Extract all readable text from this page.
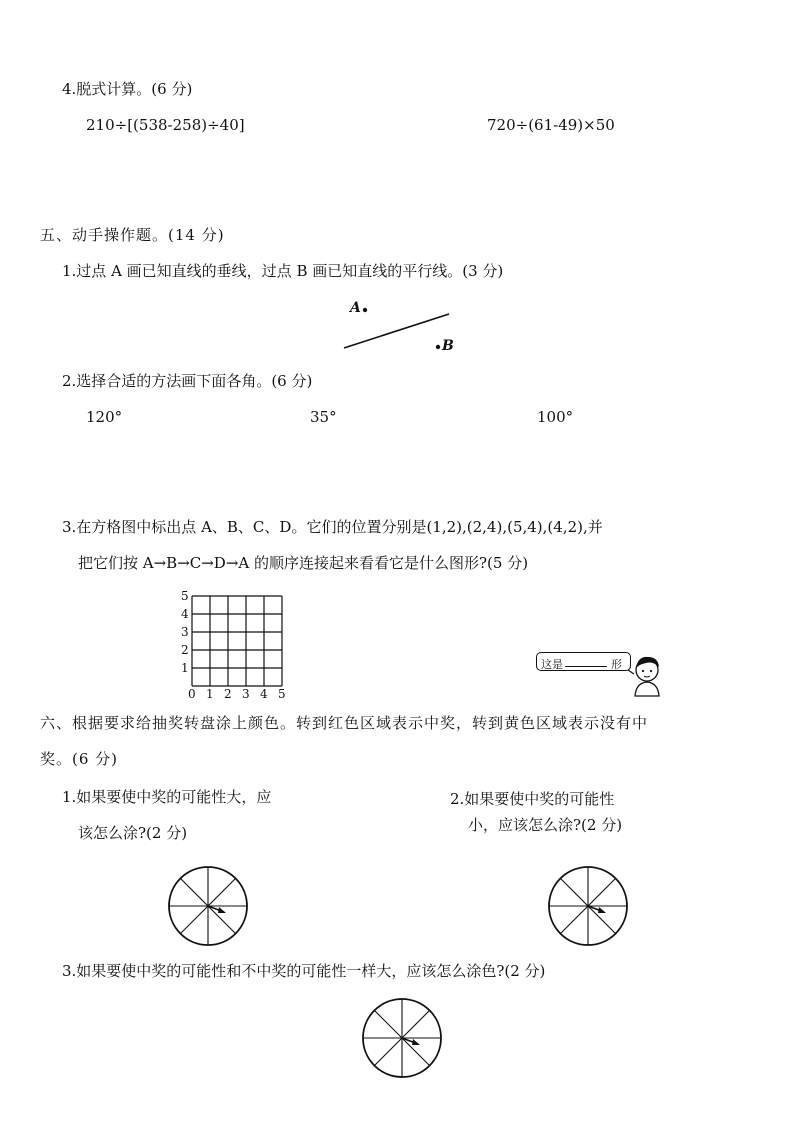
4.脱式计算。(6 分)
210÷[(538-258)÷40]	720÷(61-49)×50
五、动手操作题。(14 分)
1.过点 A 画已知直线的垂线，过点 B 画已知直线的平行线。(3 分)
A
B
2.选择合适的方法画下面各角。(6 分)
120°	35°	100°
3.在方格图中标出点 A、B、C、D。它们的位置分别是(1,2),(2,4),(5,4),(4,2),并
把它们按 A→B→C→D→A 的顺序连接起来看看它是什么图形?(5 分)
5
4
3
2
1
0 1 2 3 4 5
这是	形
六、根据要求给抽奖转盘涂上颜色。转到红色区域表示中奖，转到黄色区域表示没有中
奖。(6 分)
1.如果要使中奖的可能性大，应
该怎么涂?(2 分)
2.如果要使中奖的可能性
小，应该怎么涂?(2 分)
3.如果要使中奖的可能性和不中奖的可能性一样大，应该怎么涂色?(2 分)
